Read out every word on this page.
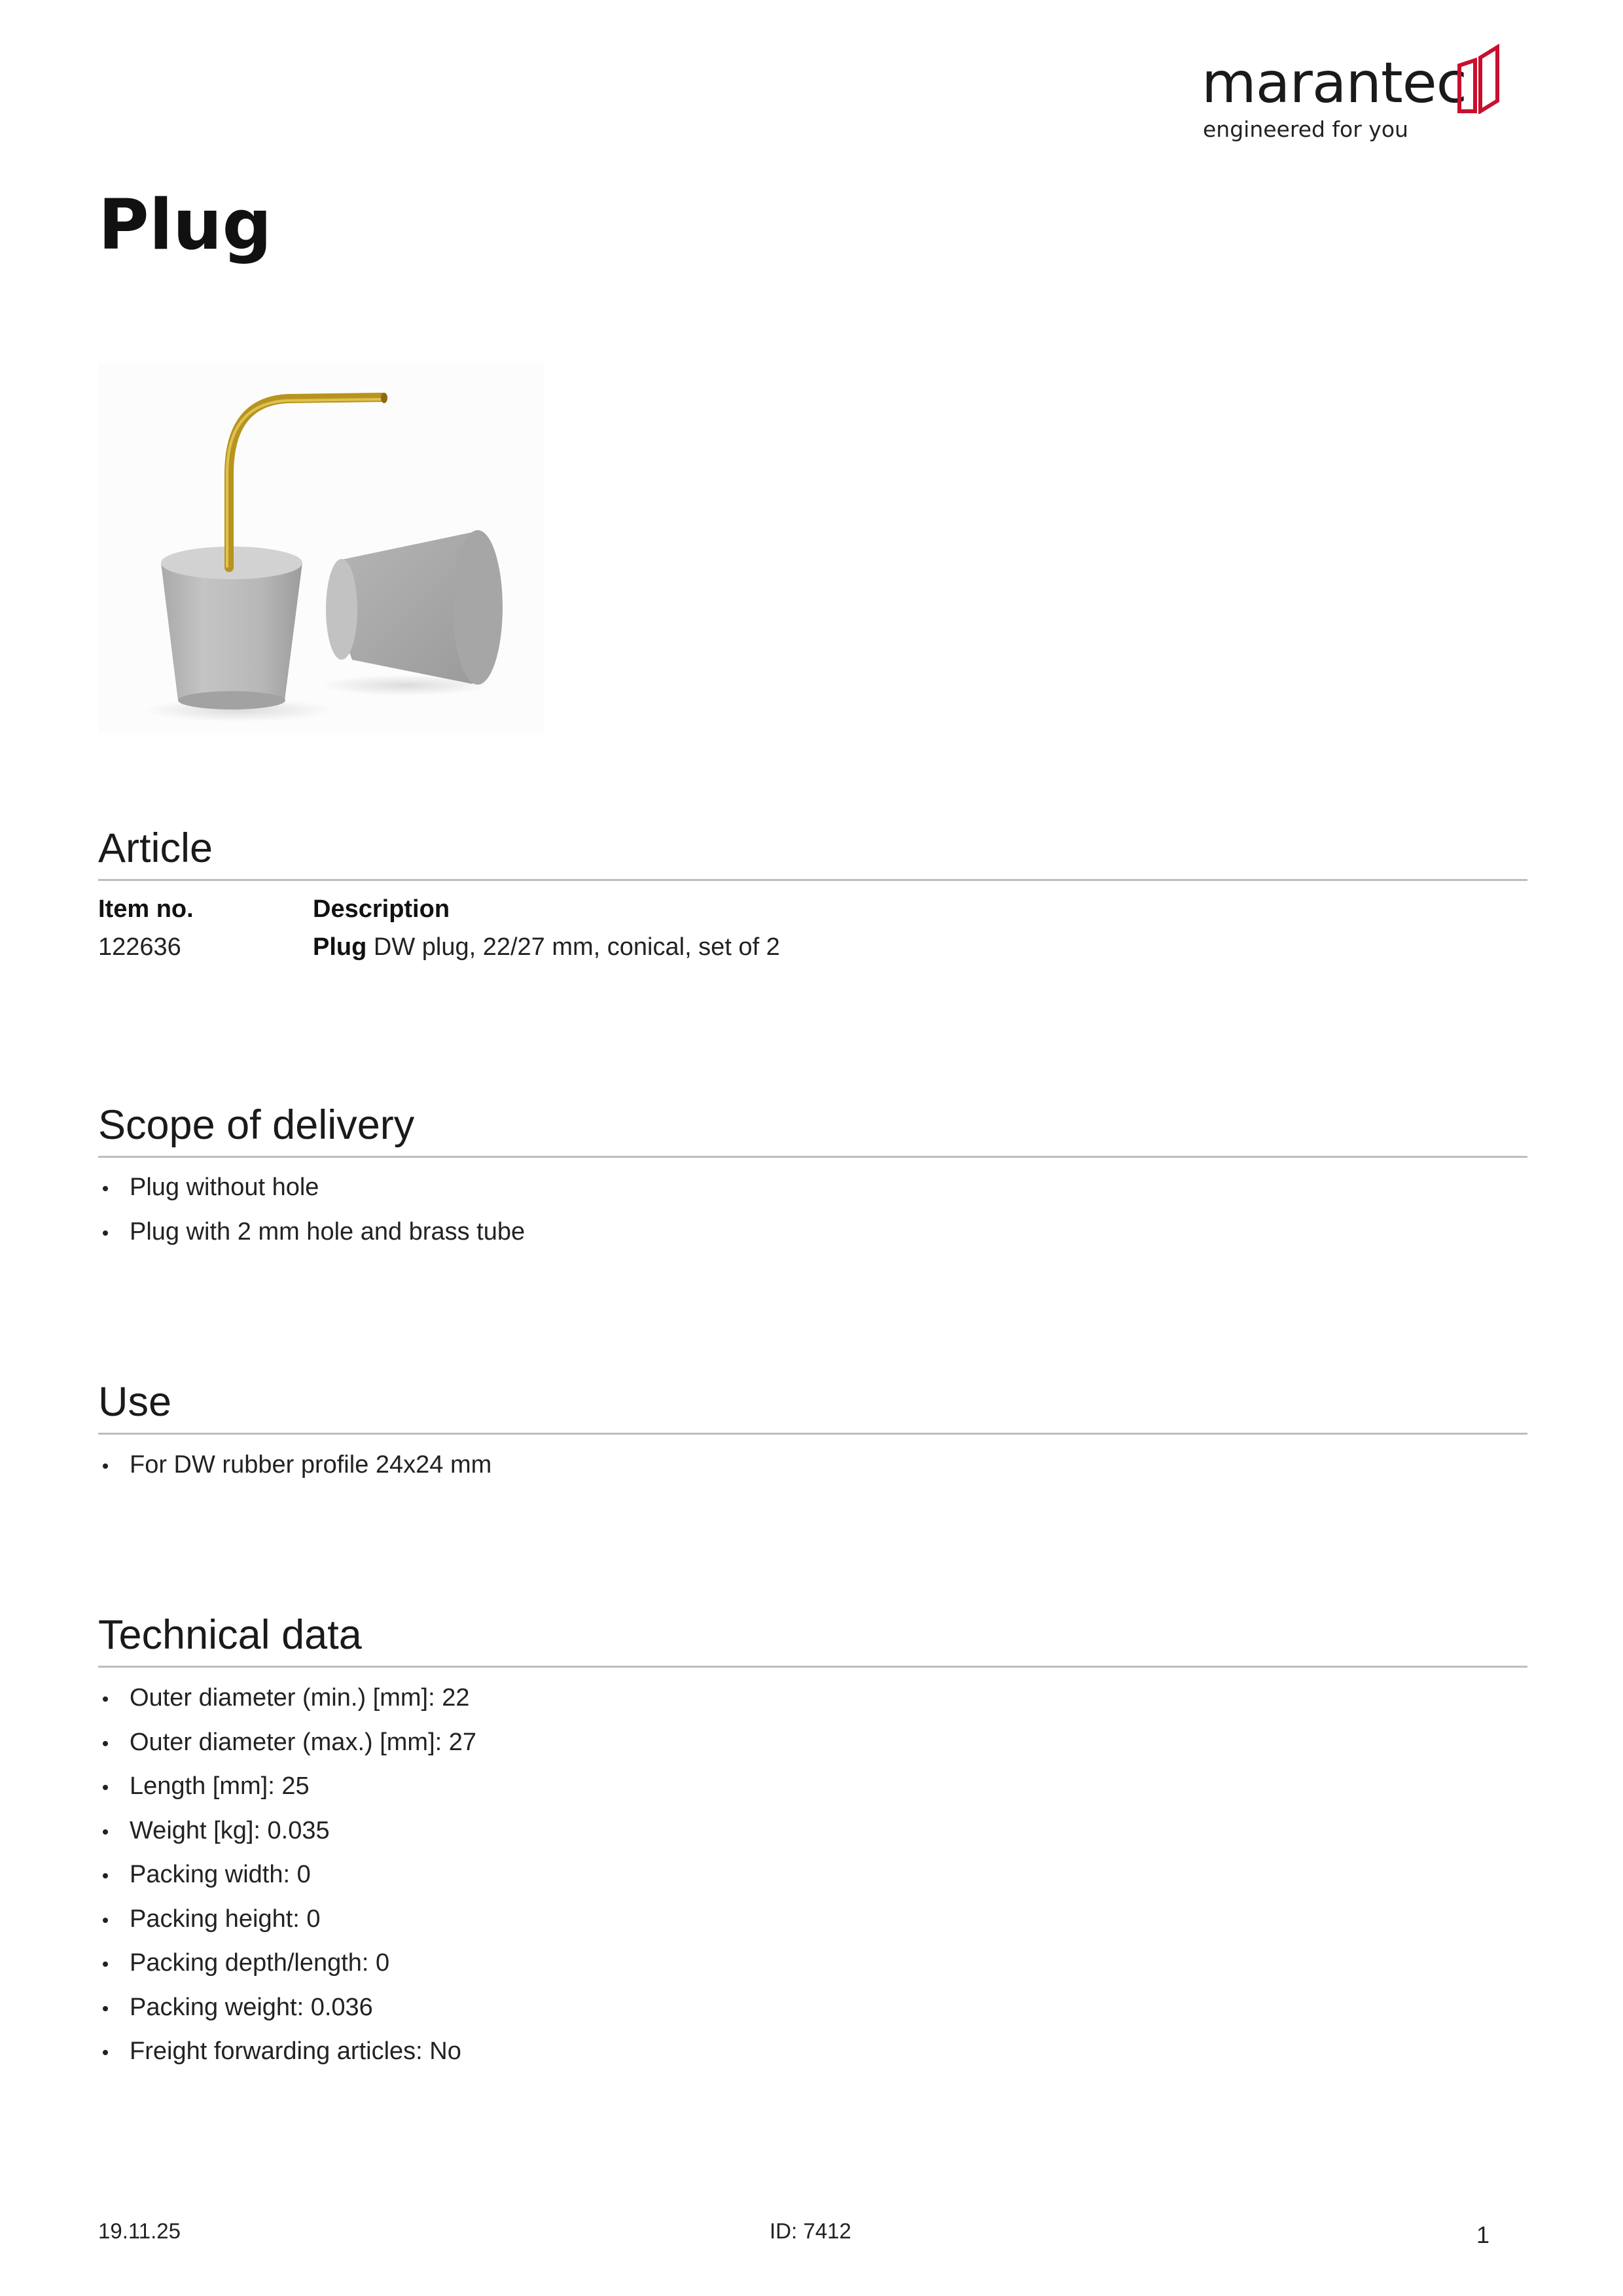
marantec
engineered for you
Plug
Article
Item no.	Description
122636	Plug DW plug, 22/27 mm, conical, set of 2
Scope of delivery
Plug without hole
Plug with 2 mm hole and brass tube
Use
For DW rubber profile 24x24 mm
Technical data
Outer diameter (min.) [mm]: 22
Outer diameter (max.) [mm]: 27
Length [mm]: 25
Weight [kg]: 0.035
Packing width: 0
Packing height: 0
Packing depth/length: 0
Packing weight: 0.036
Freight forwarding articles: No
19.11.25	ID: 7412	1
